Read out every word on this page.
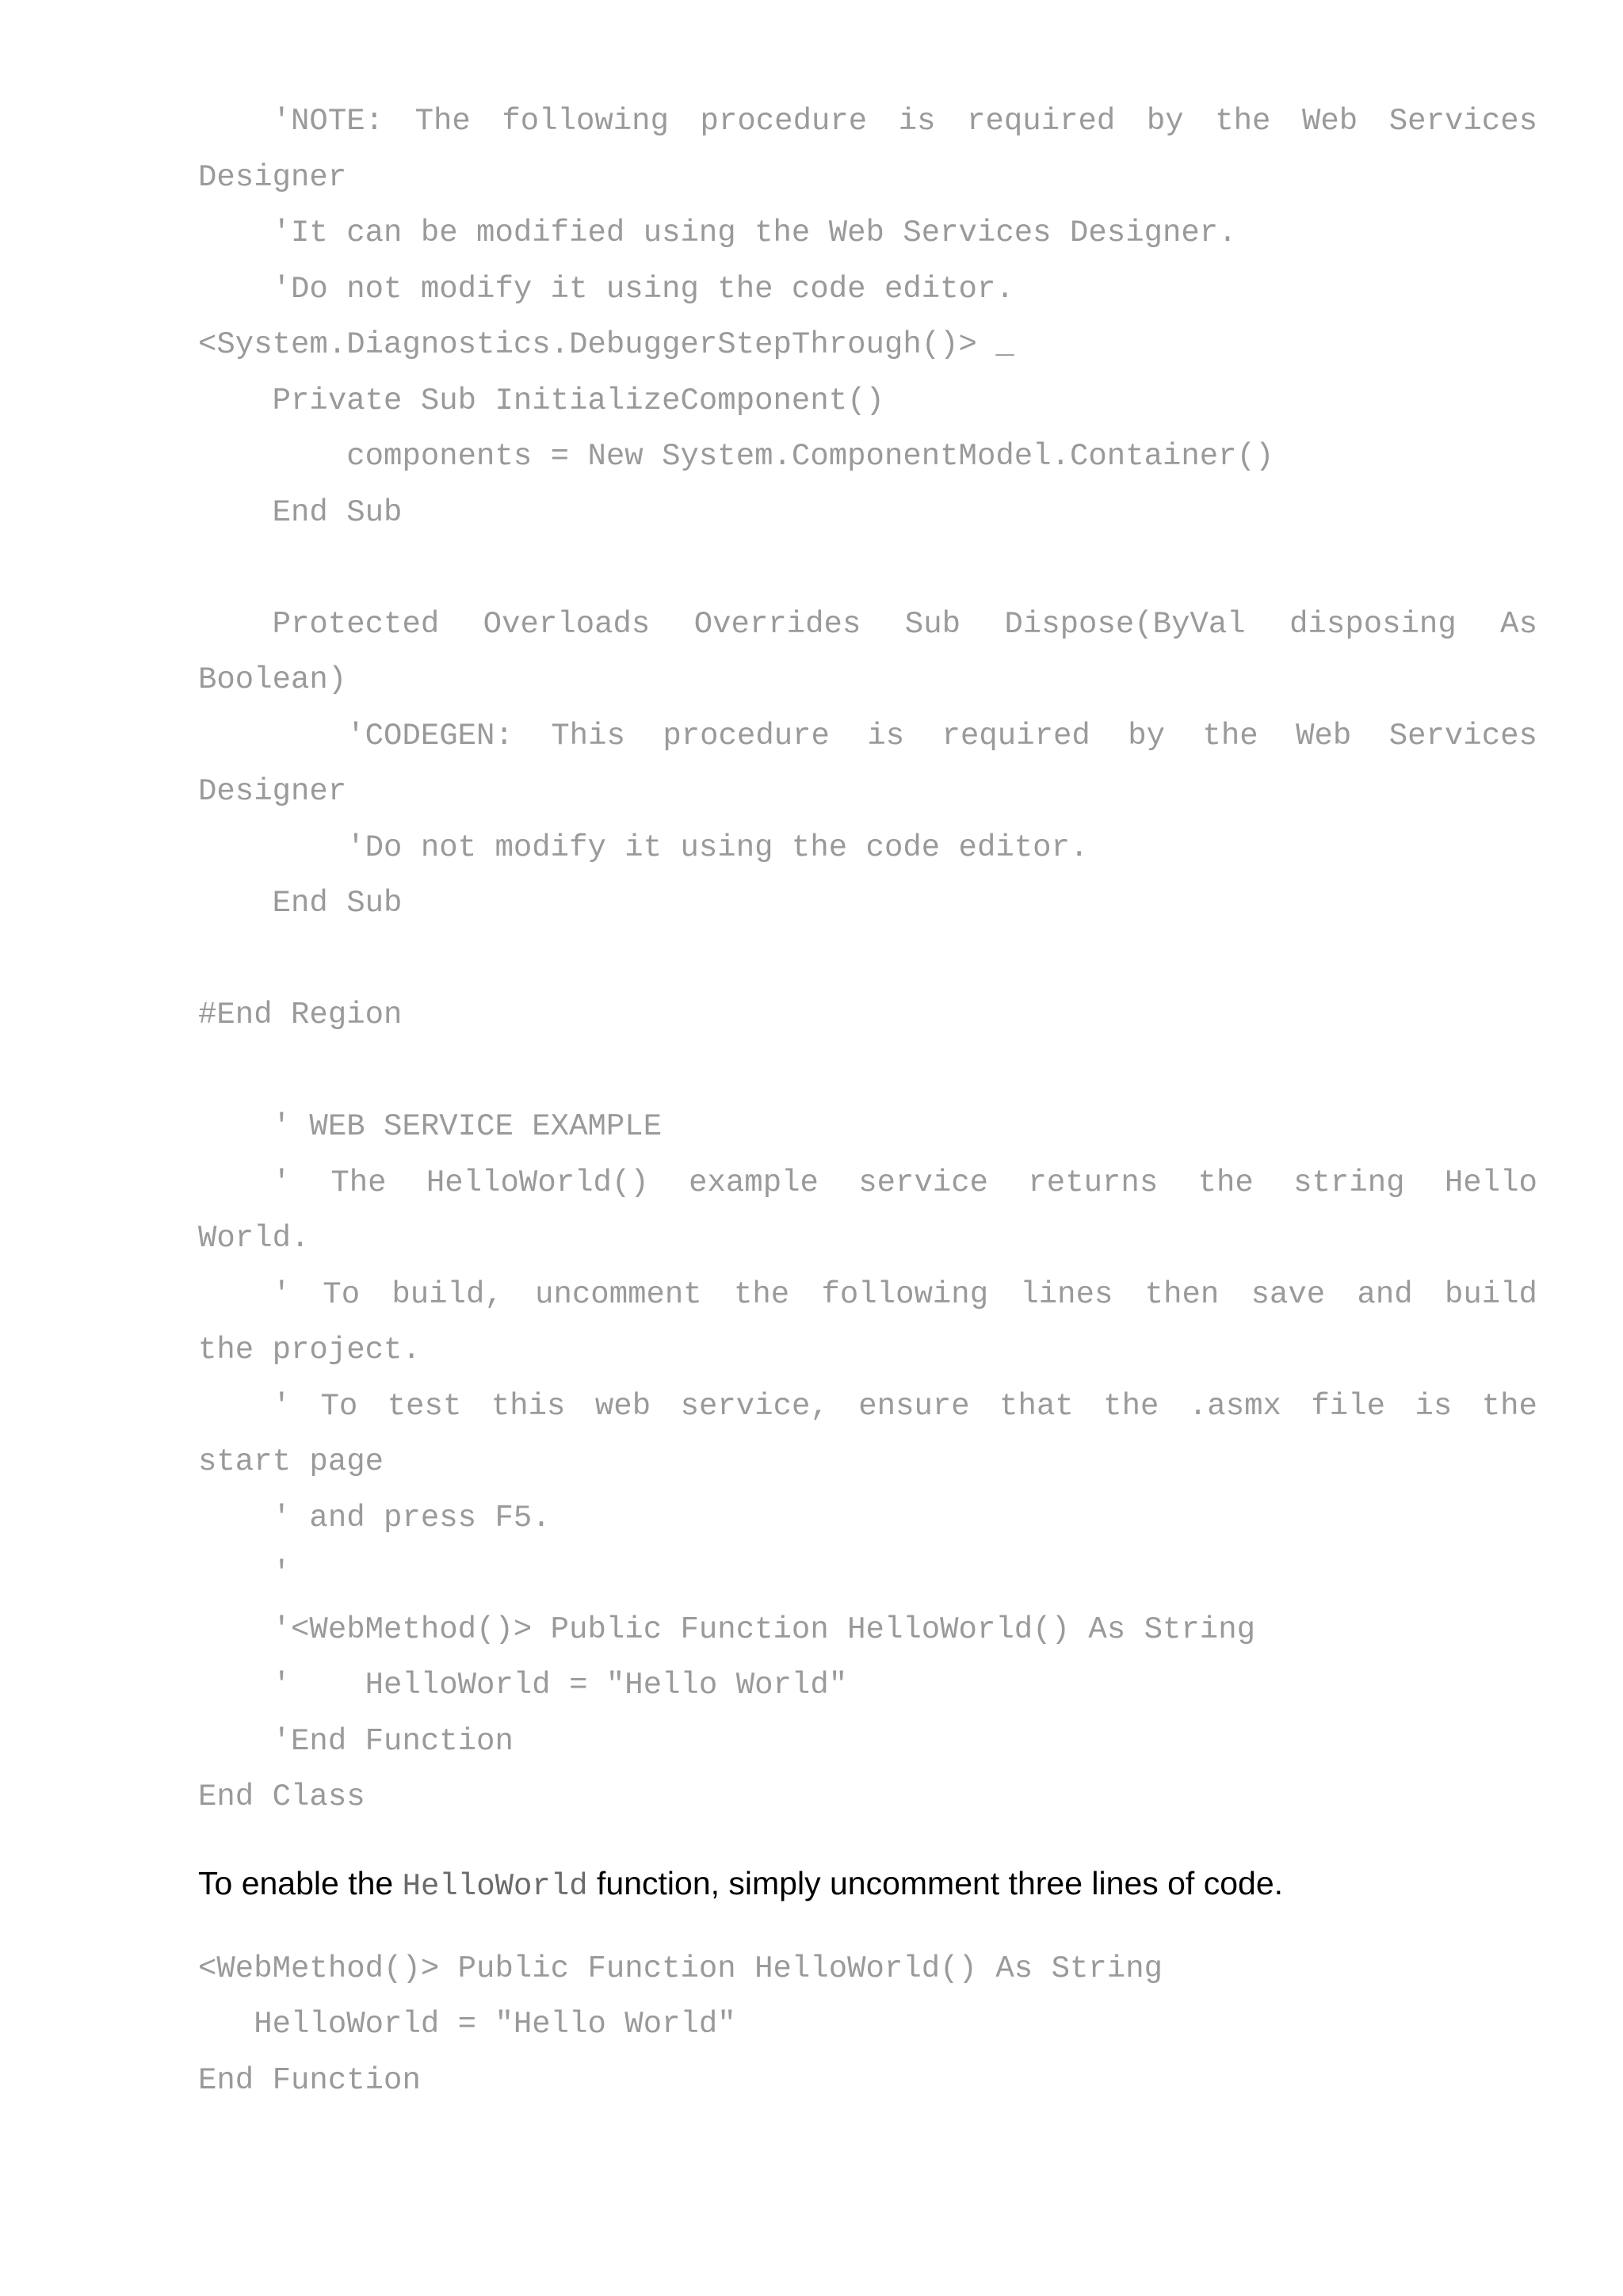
'NOTE: The following procedure is required by the Web Services
Designer
'It can be modified using the Web Services Designer.
'Do not modify it using the code editor.
<System.Diagnostics.DebuggerStepThrough()> _
Private Sub InitializeComponent()
components = New System.ComponentModel.Container()
End Sub
Protected Overloads Overrides Sub Dispose(ByVal disposing As
Boolean)
'CODEGEN: This procedure is required by the Web Services
Designer
'Do not modify it using the code editor.
End Sub
#End Region
' WEB SERVICE EXAMPLE
' The HelloWorld() example service returns the string Hello
World.
' To build, uncomment the following lines then save and build
the project.
' To test this web service, ensure that the .asmx file is the
start page
' and press F5.
'
'<WebMethod()> Public Function HelloWorld() As String
'    HelloWorld = "Hello World"
'End Function
End Class

To enable the HelloWorld function, simply uncomment three lines of code.

<WebMethod()> Public Function HelloWorld() As String
HelloWorld = "Hello World"
End Function
